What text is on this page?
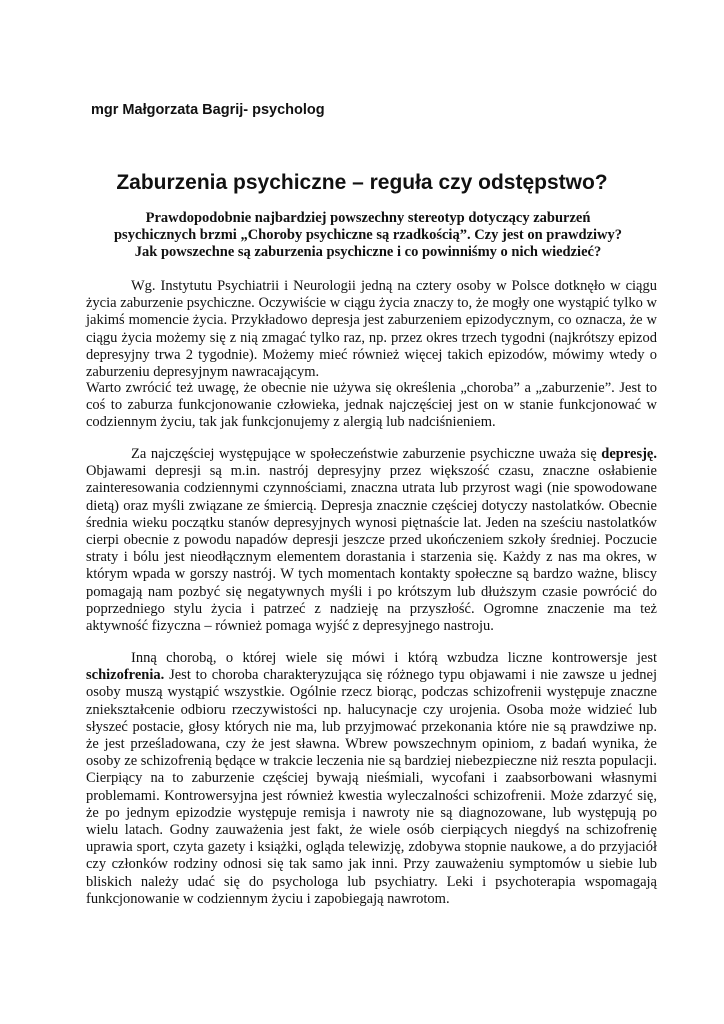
mgr Małgorzata Bagrij- psycholog
Zaburzenia psychiczne – reguła czy odstępstwo?
Prawdopodobnie najbardziej powszechny stereotyp dotyczący zaburzeń
psychicznych brzmi „Choroby psychiczne są rzadkością”. Czy jest on prawdziwy?
Jak powszechne są zaburzenia psychiczne i co powinniśmy o nich wiedzieć?

Wg. Instytutu Psychiatrii i Neurologii jedną na cztery osoby w Polsce dotknęło w ciągu życia zaburzenie psychiczne. Oczywiście w ciągu życia znaczy to, że mogły one wystąpić tylko w jakimś momencie życia. Przykładowo depresja jest zaburzeniem epizodycznym, co oznacza, że w ciągu życia możemy się z nią zmagać tylko raz, np. przez okres trzech tygodni (najkrótszy epizod depresyjny trwa 2 tygodnie). Możemy mieć również więcej takich epizodów, mówimy wtedy o zaburzeniu depresyjnym nawracającym.

Warto zwrócić też uwagę, że obecnie nie używa się określenia „choroba” a „zaburzenie”. Jest to coś to zaburza funkcjonowanie człowieka, jednak najczęściej jest on w stanie funkcjonować w codziennym życiu, tak jak funkcjonujemy z alergią lub nadciśnieniem.

Za najczęściej występujące w społeczeństwie zaburzenie psychiczne uważa się depresję. Objawami depresji są m.in. nastrój depresyjny przez większość czasu, znaczne osłabienie zainteresowania codziennymi czynnościami, znaczna utrata lub przyrost wagi (nie spowodowane dietą) oraz myśli związane ze śmiercią. Depresja znacznie częściej dotyczy nastolatków. Obecnie średnia wieku początku stanów depresyjnych wynosi piętnaście lat. Jeden na sześciu nastolatków cierpi obecnie z powodu napadów depresji jeszcze przed ukończeniem szkoły średniej. Poczucie straty i bólu jest nieodłącznym elementem dorastania i starzenia się. Każdy z nas ma okres, w którym wpada w gorszy nastrój. W tych momentach kontakty społeczne są bardzo ważne, bliscy pomagają nam pozbyć się negatywnych myśli i po krótszym lub dłuższym czasie powrócić do poprzedniego stylu życia i patrzeć z nadzieję na przyszłość. Ogromne znaczenie ma też aktywność fizyczna – również pomaga wyjść z depresyjnego nastroju.

Inną chorobą, o której wiele się mówi i którą wzbudza liczne kontrowersje jest schizofrenia. Jest to choroba charakteryzująca się różnego typu objawami i nie zawsze u jednej osoby muszą wystąpić wszystkie. Ogólnie rzecz biorąc, podczas schizofrenii występuje znaczne zniekształcenie odbioru rzeczywistości np. halucynacje czy urojenia. Osoba może widzieć lub słyszeć postacie, głosy których nie ma, lub przyjmować przekonania które nie są prawdziwe np. że jest prześladowana, czy że jest sławna. Wbrew powszechnym opiniom, z badań wynika, że osoby ze schizofrenią będące w trakcie leczenia nie są bardziej niebezpieczne niż reszta populacji. Cierpiący na to zaburzenie częściej bywają nieśmiali, wycofani i zaabsorbowani własnymi problemami. Kontrowersyjna jest również kwestia wyleczalności schizofrenii. Może zdarzyć się, że po jednym epizodzie występuje remisja i nawroty nie są diagnozowane, lub występują po wielu latach. Godny zauważenia jest fakt, że wiele osób cierpiących niegdyś na schizofrenię uprawia sport, czyta gazety i książki, ogląda telewizję, zdobywa stopnie naukowe, a do przyjaciół czy członków rodziny odnosi się tak samo jak inni. Przy zauważeniu symptomów u siebie lub bliskich należy udać się do psychologa lub psychiatry. Leki i psychoterapia wspomagają funkcjonowanie w codziennym życiu i zapobiegają nawrotom.
